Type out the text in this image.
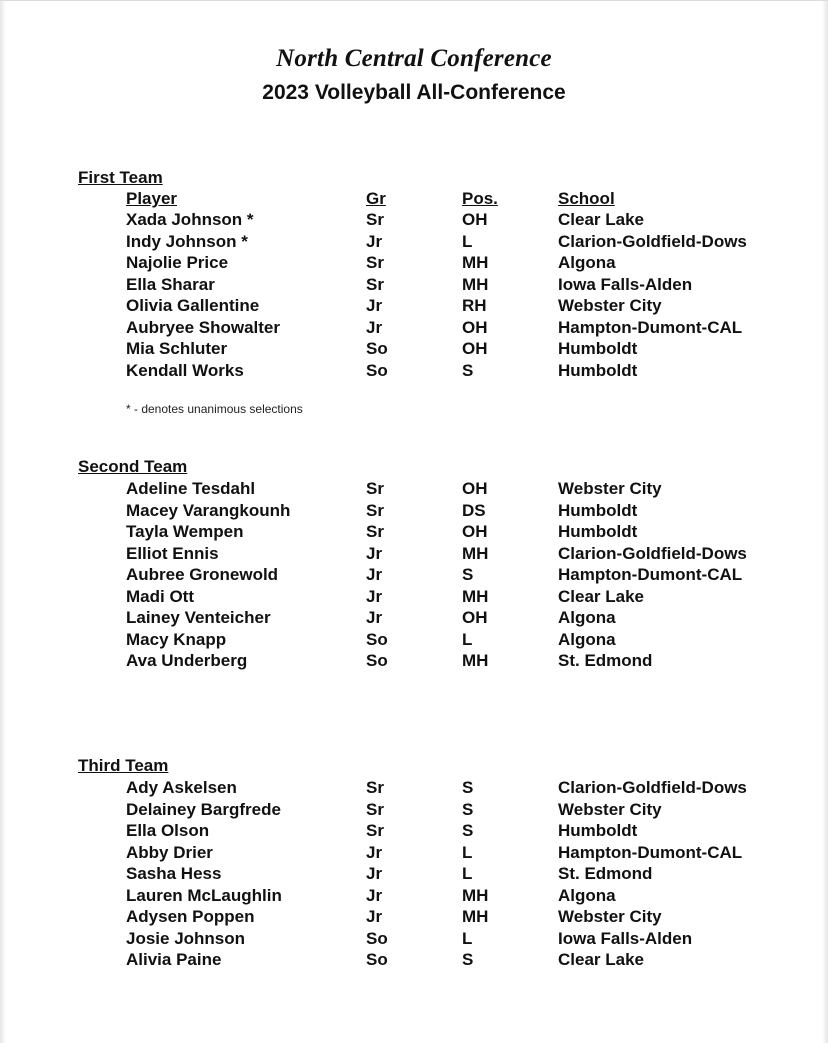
North Central Conference
2023 Volleyball All-Conference
First Team
Player	Gr	Pos.	School
Xada Johnson *	Sr	OH	Clear Lake
Indy Johnson *	Jr	L	Clarion-Goldfield-Dows
Najolie Price	Sr	MH	Algona
Ella Sharar	Sr	MH	Iowa Falls-Alden
Olivia Gallentine	Jr	RH	Webster City
Aubryee Showalter	Jr	OH	Hampton-Dumont-CAL
Mia Schluter	So	OH	Humboldt
Kendall Works	So	S	Humboldt
* - denotes unanimous selections
Second Team
Adeline Tesdahl	Sr	OH	Webster City
Macey Varangkounh	Sr	DS	Humboldt
Tayla Wempen	Sr	OH	Humboldt
Elliot Ennis	Jr	MH	Clarion-Goldfield-Dows
Aubree Gronewold	Jr	S	Hampton-Dumont-CAL
Madi Ott	Jr	MH	Clear Lake
Lainey Venteicher	Jr	OH	Algona
Macy Knapp	So	L	Algona
Ava Underberg	So	MH	St. Edmond
Third Team
Ady Askelsen	Sr	S	Clarion-Goldfield-Dows
Delainey Bargfrede	Sr	S	Webster City
Ella Olson	Sr	S	Humboldt
Abby Drier	Jr	L	Hampton-Dumont-CAL
Sasha Hess	Jr	L	St. Edmond
Lauren McLaughlin	Jr	MH	Algona
Adysen Poppen	Jr	MH	Webster City
Josie Johnson	So	L	Iowa Falls-Alden
Alivia Paine	So	S	Clear Lake
